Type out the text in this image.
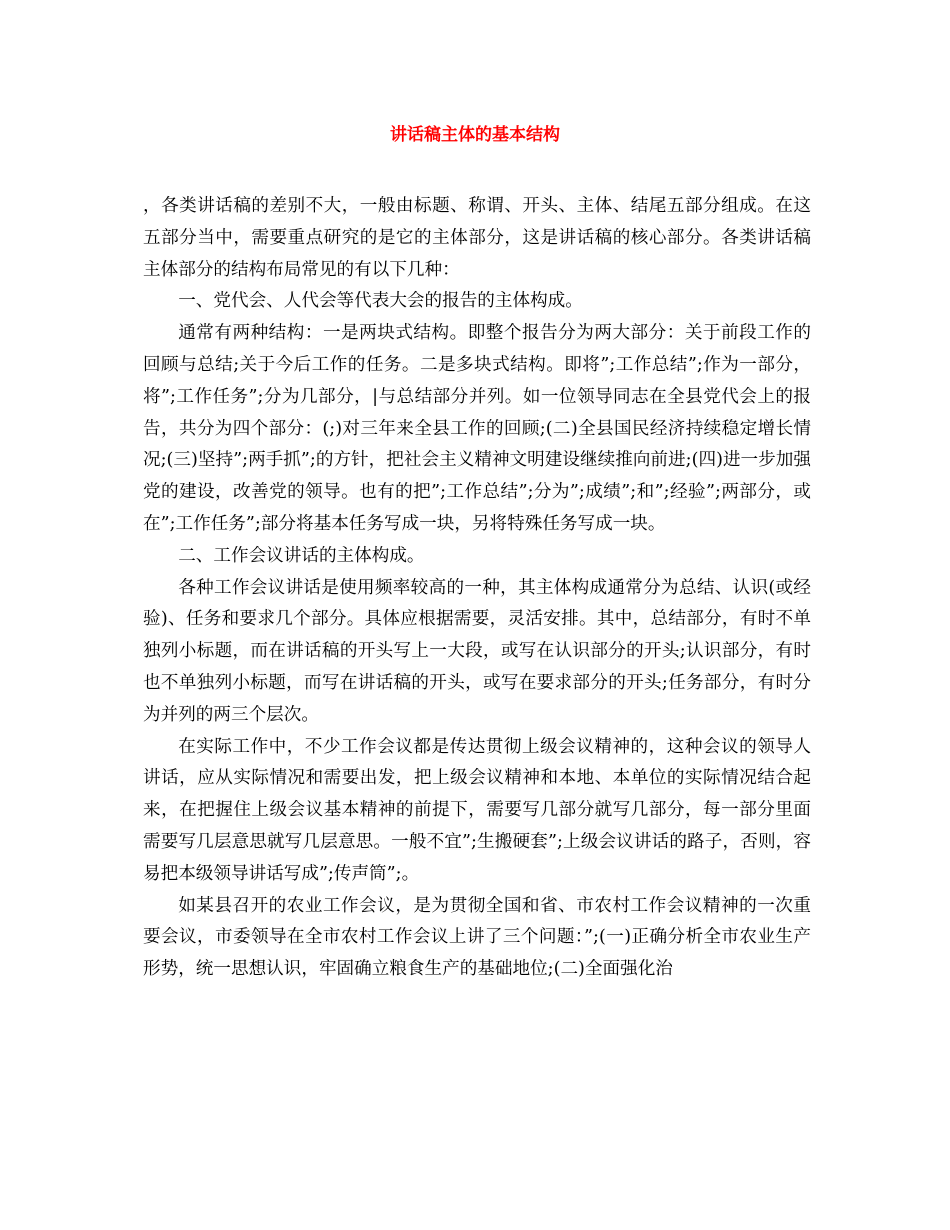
讲话稿主体的基本结构

，各类讲话稿的差别不大，一般由标题、称谓、开头、主体、结尾五部分组成。在这五部分当中，需要重点研究的是它的主体部分，这是讲话稿的核心部分。各类讲话稿主体部分的结构布局常见的有以下几种：

一、党代会、人代会等代表大会的报告的主体构成。

通常有两种结构：一是两块式结构。即整个报告分为两大部分：关于前段工作的回顾与总结;关于今后工作的任务。二是多块式结构。即将”;工作总结”;作为一部分，将”;工作任务”;分为几部分，|与总结部分并列。如一位领导同志在全县党代会上的报告，共分为四个部分：(;)对三年来全县工作的回顾;(二)全县国民经济持续稳定增长情况;(三)坚持”;两手抓”;的方针，把社会主义精神文明建设继续推向前进;(四)进一步加强党的建设，改善党的领导。也有的把”;工作总结”;分为”;成绩”;和”;经验”;两部分，或在”;工作任务”;部分将基本任务写成一块，另将特殊任务写成一块。

二、工作会议讲话的主体构成。

各种工作会议讲话是使用频率较高的一种，其主体构成通常分为总结、认识(或经验)、任务和要求几个部分。具体应根据需要，灵活安排。其中，总结部分，有时不单独列小标题，而在讲话稿的开头写上一大段，或写在认识部分的开头;认识部分，有时也不单独列小标题，而写在讲话稿的开头，或写在要求部分的开头;任务部分，有时分为并列的两三个层次。

在实际工作中，不少工作会议都是传达贯彻上级会议精神的，这种会议的领导人讲话，应从实际情况和需要出发，把上级会议精神和本地、本单位的实际情况结合起来，在把握住上级会议基本精神的前提下，需要写几部分就写几部分，每一部分里面需要写几层意思就写几层意思。一般不宜”;生搬硬套”;上级会议讲话的路子，否则，容易把本级领导讲话写成”;传声筒”;。

如某县召开的农业工作会议，是为贯彻全国和省、市农村工作会议精神的一次重要会议，市委领导在全市农村工作会议上讲了三个问题：”;(一)正确分析全市农业生产形势，统一思想认识，牢固确立粮食生产的基础地位;(二)全面强化治
